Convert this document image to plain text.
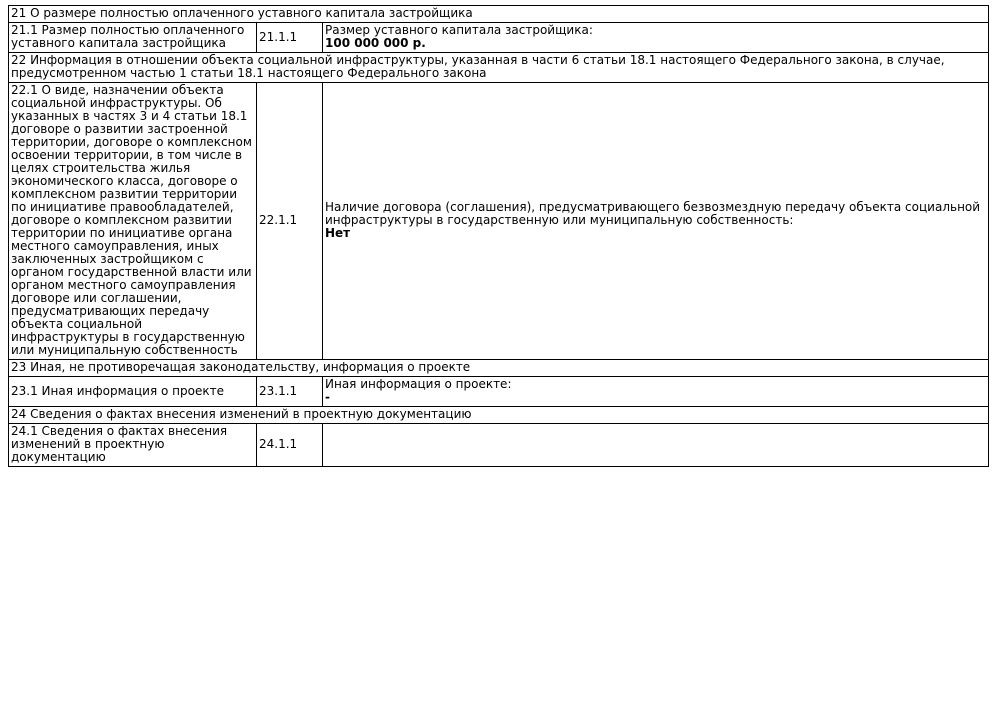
21 О размере полностью оплаченного уставного капитала застройщика		
21.1 Размер полностью оплаченного уставного капитала застройщика	21.1.1	Размер уставного капитала застройщика:
100 000 000 р.

22 Информация в отношении объекта социальной инфраструктуры, указанная в части 6 статьи 18.1 настоящего Федерального закона, в случае, предусмотренном частью 1 статьи 18.1 настоящего Федерального закона		
22.1 О виде, назначении объекта социальной инфраструктуры. Об указанных в частях 3 и 4 статьи 18.1 договоре о развитии застроенной территории, договоре о комплексном освоении территории, в том числе в целях строительства жилья экономического класса, договоре о комплексном развитии территории по инициативе правообладателей, договоре о комплексном развитии территории по инициативе органа местного самоуправления, иных заключенных застройщиком с органом государственной власти или органом местного самоуправления договоре или соглашении, предусматривающих передачу объекта социальной инфраструктуры в государственную или муниципальную собственность	22.1.1	Наличие договора (соглашения), предусматривающего безвозмездную передачу объекта социальной инфраструктуры в государственную или муниципальную собственность:
Нет

23 Иная, не противоречащая законодательству, информация о проекте		
23.1 Иная информация о проекте	23.1.1	Иная информация о проекте:
-

24 Сведения о фактах внесения изменений в проектную документацию		
24.1 Сведения о фактах внесения изменений в проектную документацию	24.1.1	
